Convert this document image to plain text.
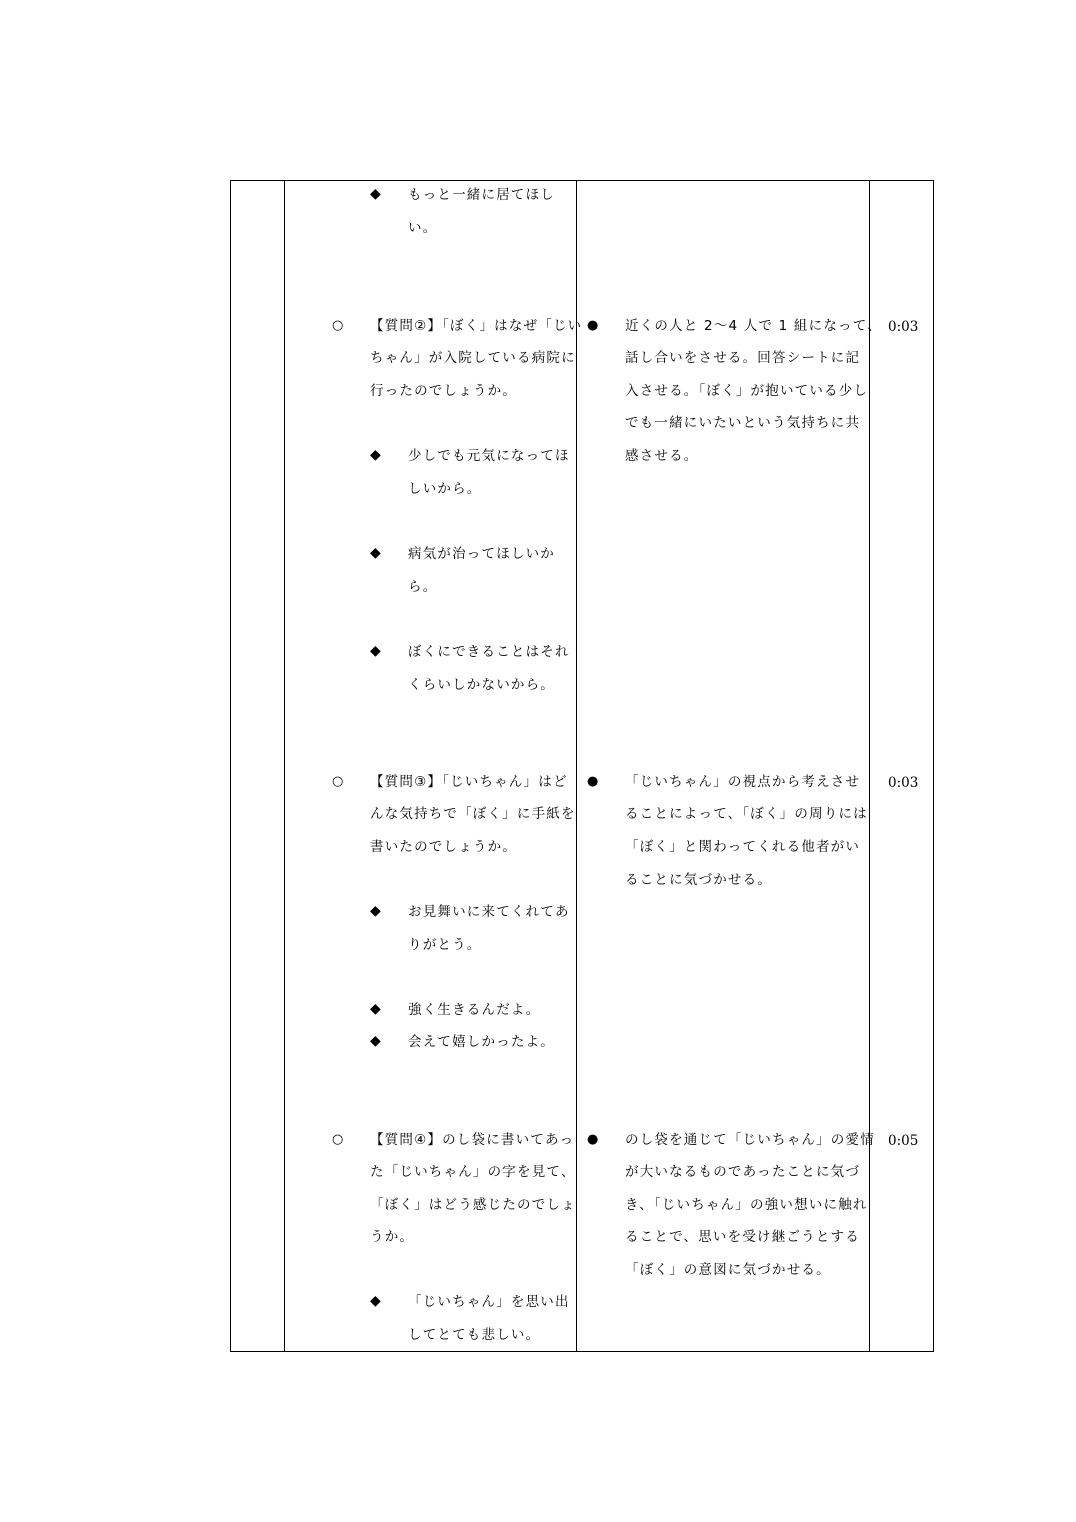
◆ もっと一緒に居てほし
い。
○ 【質問②】「ぼく」はなぜ「じい
ちゃん」が入院している病院に
行ったのでしょうか。
◆ 少しでも元気になってほ
しいから。
◆ 病気が治ってほしいか
ら。
◆ ぼくにできることはそれ
くらいしかないから。
● 近くの人と 2～4 人で 1 組になって、
話し合いをさせる。回答シートに記
入させる。「ぼく」が抱いている少し
でも一緒にいたいという気持ちに共
感させる。
0:03
○ 【質問③】「じいちゃん」はど
んな気持ちで「ぼく」に手紙を
書いたのでしょうか。
◆ お見舞いに来てくれてあ
りがとう。
◆ 強く生きるんだよ。
◆ 会えて嬉しかったよ。
● 「じいちゃん」の視点から考えさせ
ることによって、「ぼく」の周りには
「ぼく」と関わってくれる他者がい
ることに気づかせる。
0:03
○ 【質問④】のし袋に書いてあっ
た「じいちゃん」の字を見て、
「ぼく」はどう感じたのでしょ
うか。
◆ 「じいちゃん」を思い出
してとても悲しい。
● のし袋を通じて「じいちゃん」の愛情
が大いなるものであったことに気づ
き、「じいちゃん」の強い想いに触れ
ることで、思いを受け継ごうとする
「ぼく」の意図に気づかせる。
0:05
